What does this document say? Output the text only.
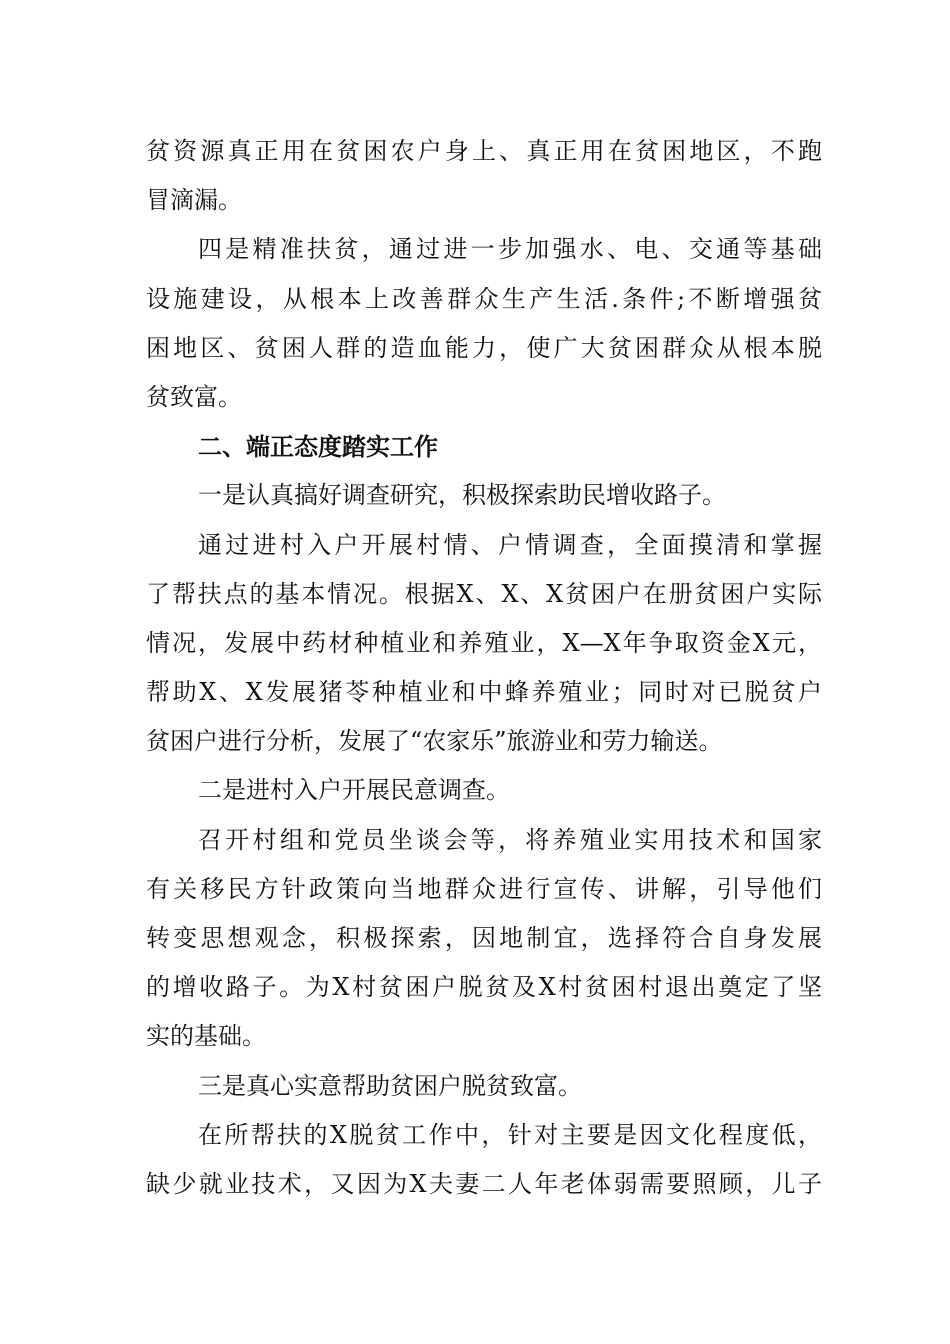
贫资源真正用在贫困农户身上、真正用在贫困地区，不跑
冒滴漏。
四是精准扶贫，通过进一步加强水、电、交通等基础
设施建设，从根本上改善群众生产生活.条件;不断增强贫
困地区、贫困人群的造血能力，使广大贫困群众从根本脱
贫致富。
二、端正态度踏实工作
一是认真搞好调查研究，积极探索助民增收路子。
通过进村入户开展村情、户情调查，全面摸清和掌握
了帮扶点的基本情况。根据X、X、X贫困户在册贫困户实际
情况，发展中药材种植业和养殖业，X—X年争取资金X元，
帮助X、X发展猪苓种植业和中蜂养殖业；同时对已脱贫户
贫困户进行分析，发展了“农家乐”旅游业和劳力输送。
二是进村入户开展民意调查。
召开村组和党员坐谈会等，将养殖业实用技术和国家
有关移民方针政策向当地群众进行宣传、讲解，引导他们
转变思想观念，积极探索，因地制宜，选择符合自身发展
的增收路子。为X村贫困户脱贫及X村贫困村退出奠定了坚
实的基础。
三是真心实意帮助贫困户脱贫致富。
在所帮扶的X脱贫工作中，针对主要是因文化程度低，
缺少就业技术，又因为X夫妻二人年老体弱需要照顾，儿子
